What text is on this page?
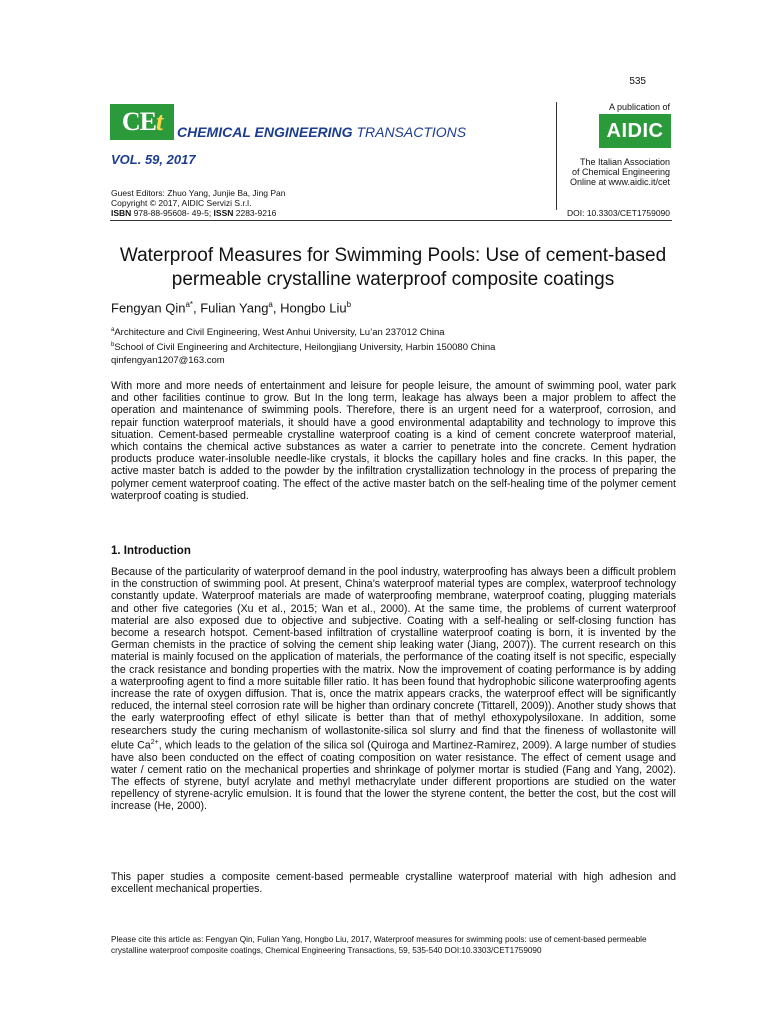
535
CE t CHEMICAL ENGINEERING TRANSACTIONS
VOL. 59, 2017
A publication of
AIDIC
The Italian Association
of Chemical Engineering
Online at www.aidic.it/cet
Guest Editors: Zhuo Yang, Junjie Ba, Jing Pan
Copyright © 2017, AIDIC Servizi S.r.l.
ISBN 978-88-95608- 49-5; ISSN 2283-9216	DOI: 10.3303/CET1759090
Waterproof Measures for Swimming Pools: Use of cement-based permeable crystalline waterproof composite coatings
Fengyan Qin$^{a*}$, Fulian Yang$^a$, Hongbo Liu$^b$
$^a$Architecture and Civil Engineering, West Anhui University, Lu’an 237012 China
$^b$School of Civil Engineering and Architecture, Heilongjiang University, Harbin 150080 China
qinfengyan1207@163.com
With more and more needs of entertainment and leisure for people leisure, the amount of swimming pool, water park and other facilities continue to grow. But In the long term, leakage has always been a major problem to affect the operation and maintenance of swimming pools. Therefore, there is an urgent need for a waterproof, corrosion, and repair function waterproof materials, it should have a good environmental adaptability and technology to improve this situation. Cement-based permeable crystalline waterproof coating is a kind of cement concrete waterproof material, which contains the chemical active substances as water a carrier to penetrate into the concrete. Cement hydration products produce water-insoluble needle-like crystals, it blocks the capillary holes and fine cracks. In this paper, the active master batch is added to the powder by the infiltration crystallization technology in the process of preparing the polymer cement waterproof coating. The effect of the active master batch on the self-healing time of the polymer cement waterproof coating is studied.
1. Introduction
Because of the particularity of waterproof demand in the pool industry, waterproofing has always been a difficult problem in the construction of swimming pool. At present, China’s waterproof material types are complex, waterproof technology constantly update. Waterproof materials are made of waterproofing membrane, waterproof coating, plugging materials and other five categories (Xu et al., 2015; Wan et al., 2000). At the same time, the problems of current waterproof material are also exposed due to objective and subjective. Coating with a self-healing or self-closing function has become a research hotspot. Cement-based infiltration of crystalline waterproof coating is born, it is invented by the German chemists in the practice of solving the cement ship leaking water (Jiang, 2007)). The current research on this material is mainly focused on the application of materials, the performance of the coating itself is not specific, especially the crack resistance and bonding properties with the matrix. Now the improvement of coating performance is by adding a waterproofing agent to find a more suitable filler ratio. It has been found that hydrophobic silicone waterproofing agents increase the rate of oxygen diffusion. That is, once the matrix appears cracks, the waterproof effect will be significantly reduced, the internal steel corrosion rate will be higher than ordinary concrete (Tittarell, 2009)). Another study shows that the early waterproofing effect of ethyl silicate is better than that of methyl ethoxypolysiloxane. In addition, some researchers study the curing mechanism of wollastonite-silica sol slurry and find that the fineness of wollastonite will elute $Ca^{2+}$, which leads to the gelation of the silica sol (Quiroga and Martinez-Ramirez, 2009). A large number of studies have also been conducted on the effect of coating composition on water resistance. The effect of cement usage and water / cement ratio on the mechanical properties and shrinkage of polymer mortar is studied (Fang and Yang, 2002). The effects of styrene, butyl acrylate and methyl methacrylate under different proportions are studied on the water repellency of styrene-acrylic emulsion. It is found that the lower the styrene content, the better the cost, but the cost will increase (He, 2000).
This paper studies a composite cement-based permeable crystalline waterproof material with high adhesion and excellent mechanical properties.
Please cite this article as: Fengyan Qin, Fulian Yang, Hongbo Liu, 2017, Waterproof measures for swimming pools: use of cement-based permeable crystalline waterproof composite coatings, Chemical Engineering Transactions, 59, 535-540 DOI:10.3303/CET1759090
